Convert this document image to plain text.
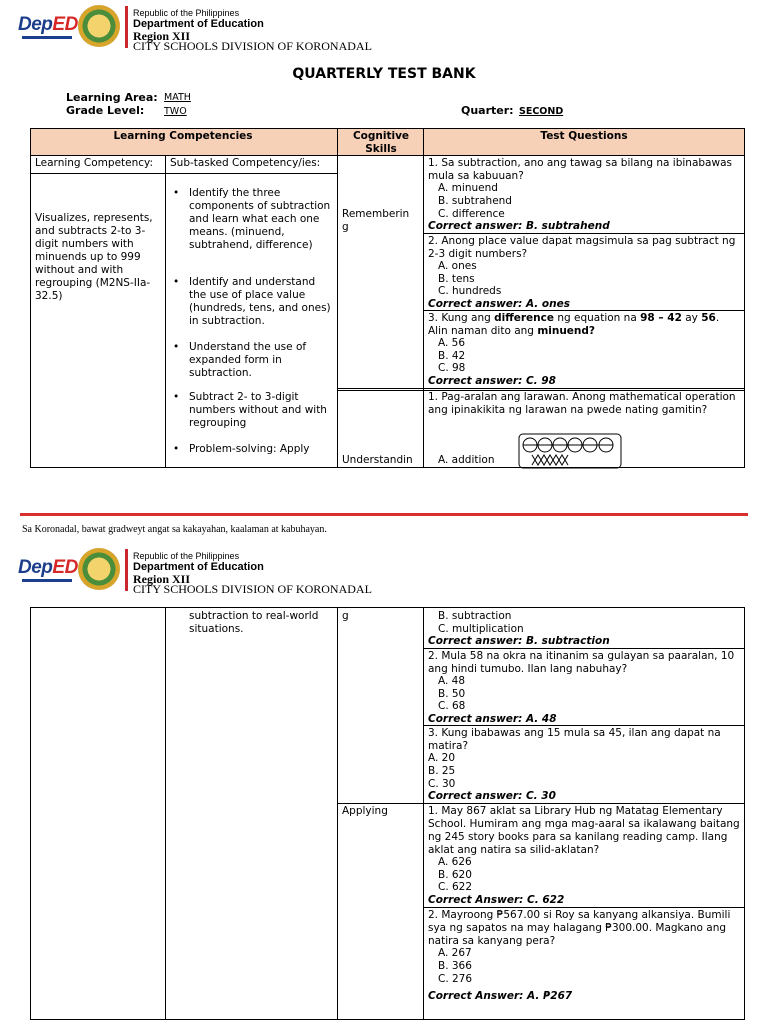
DepED
Republic of the Philippines
Department of Education
Region XII
CITY SCHOOLS DIVISION OF KORONADAL
QUARTERLY TEST BANK
Learning Area: MATH
Grade Level: TWO	Quarter: SECOND
Learning Competencies	Cognitive Skills
Test Questions
Learning Competency: Sub-tasked Competency/ies:
Visualizes, represents, and subtracts 2-to 3-digit numbers with minuends up to 999 without and with regrouping (M2NS-IIa-32.5)
• Identify the three components of subtraction and learn what each one means. (minuend, subtrahend, difference)
• Identify and understand the use of place value (hundreds, tens, and ones) in subtraction.
• Understand the use of expanded form in subtraction.
• Subtract 2- to 3-digit numbers without and with regrouping
• Problem-solving: Apply
Rememberin
g
Understandin
1. Sa subtraction, ano ang tawag sa bilang na ibinabawas mula sa kabuuan?
A. minuend
B. subtrahend
C. difference
Correct answer: B. subtrahend
2. Anong place value dapat magsimula sa pag subtract ng 2-3 digit numbers?
A. ones
B. tens
C. hundreds
Correct answer: A. ones
3. Kung ang difference ng equation na 98 – 42 ay 56. Alin naman dito ang minuend?
A. 56
B. 42
C. 98
Correct answer: C. 98
1. Pag-aralan ang larawan. Anong mathematical operation ang ipinakikita ng larawan na pwede nating gamitin?
A. addition
Sa Koronadal, bawat gradweyt angat sa kakayahan, kaalaman at kabuhayan.
DepED
Republic of the Philippines
Department of Education
Region XII
CITY SCHOOLS DIVISION OF KORONADAL
subtraction to real-world situations.
g
Applying
B. subtraction
C. multiplication
Correct answer: B. subtraction
2. Mula 58 na okra na itinanim sa gulayan sa paaralan, 10 ang hindi tumubo. Ilan lang nabuhay?
A. 48
B. 50
C. 68
Correct answer: A. 48
3. Kung ibabawas ang 15 mula sa 45, ilan ang dapat na matira?
A. 20
B. 25
C. 30
Correct answer: C. 30
1. May 867 aklat sa Library Hub ng Matatag Elementary School. Humiram ang mga mag-aaral sa ikalawang baitang ng 245 story books para sa kanilang reading camp. Ilang aklat ang natira sa silid-aklatan?
A. 626
B. 620
C. 622
Correct Answer: C. 622
2. Mayroong ₱567.00 si Roy sa kanyang alkansiya. Bumili sya ng sapatos na may halagang ₱300.00. Magkano ang natira sa kanyang pera?
A. 267
B. 366
C. 276
Correct Answer: A. ₱267
